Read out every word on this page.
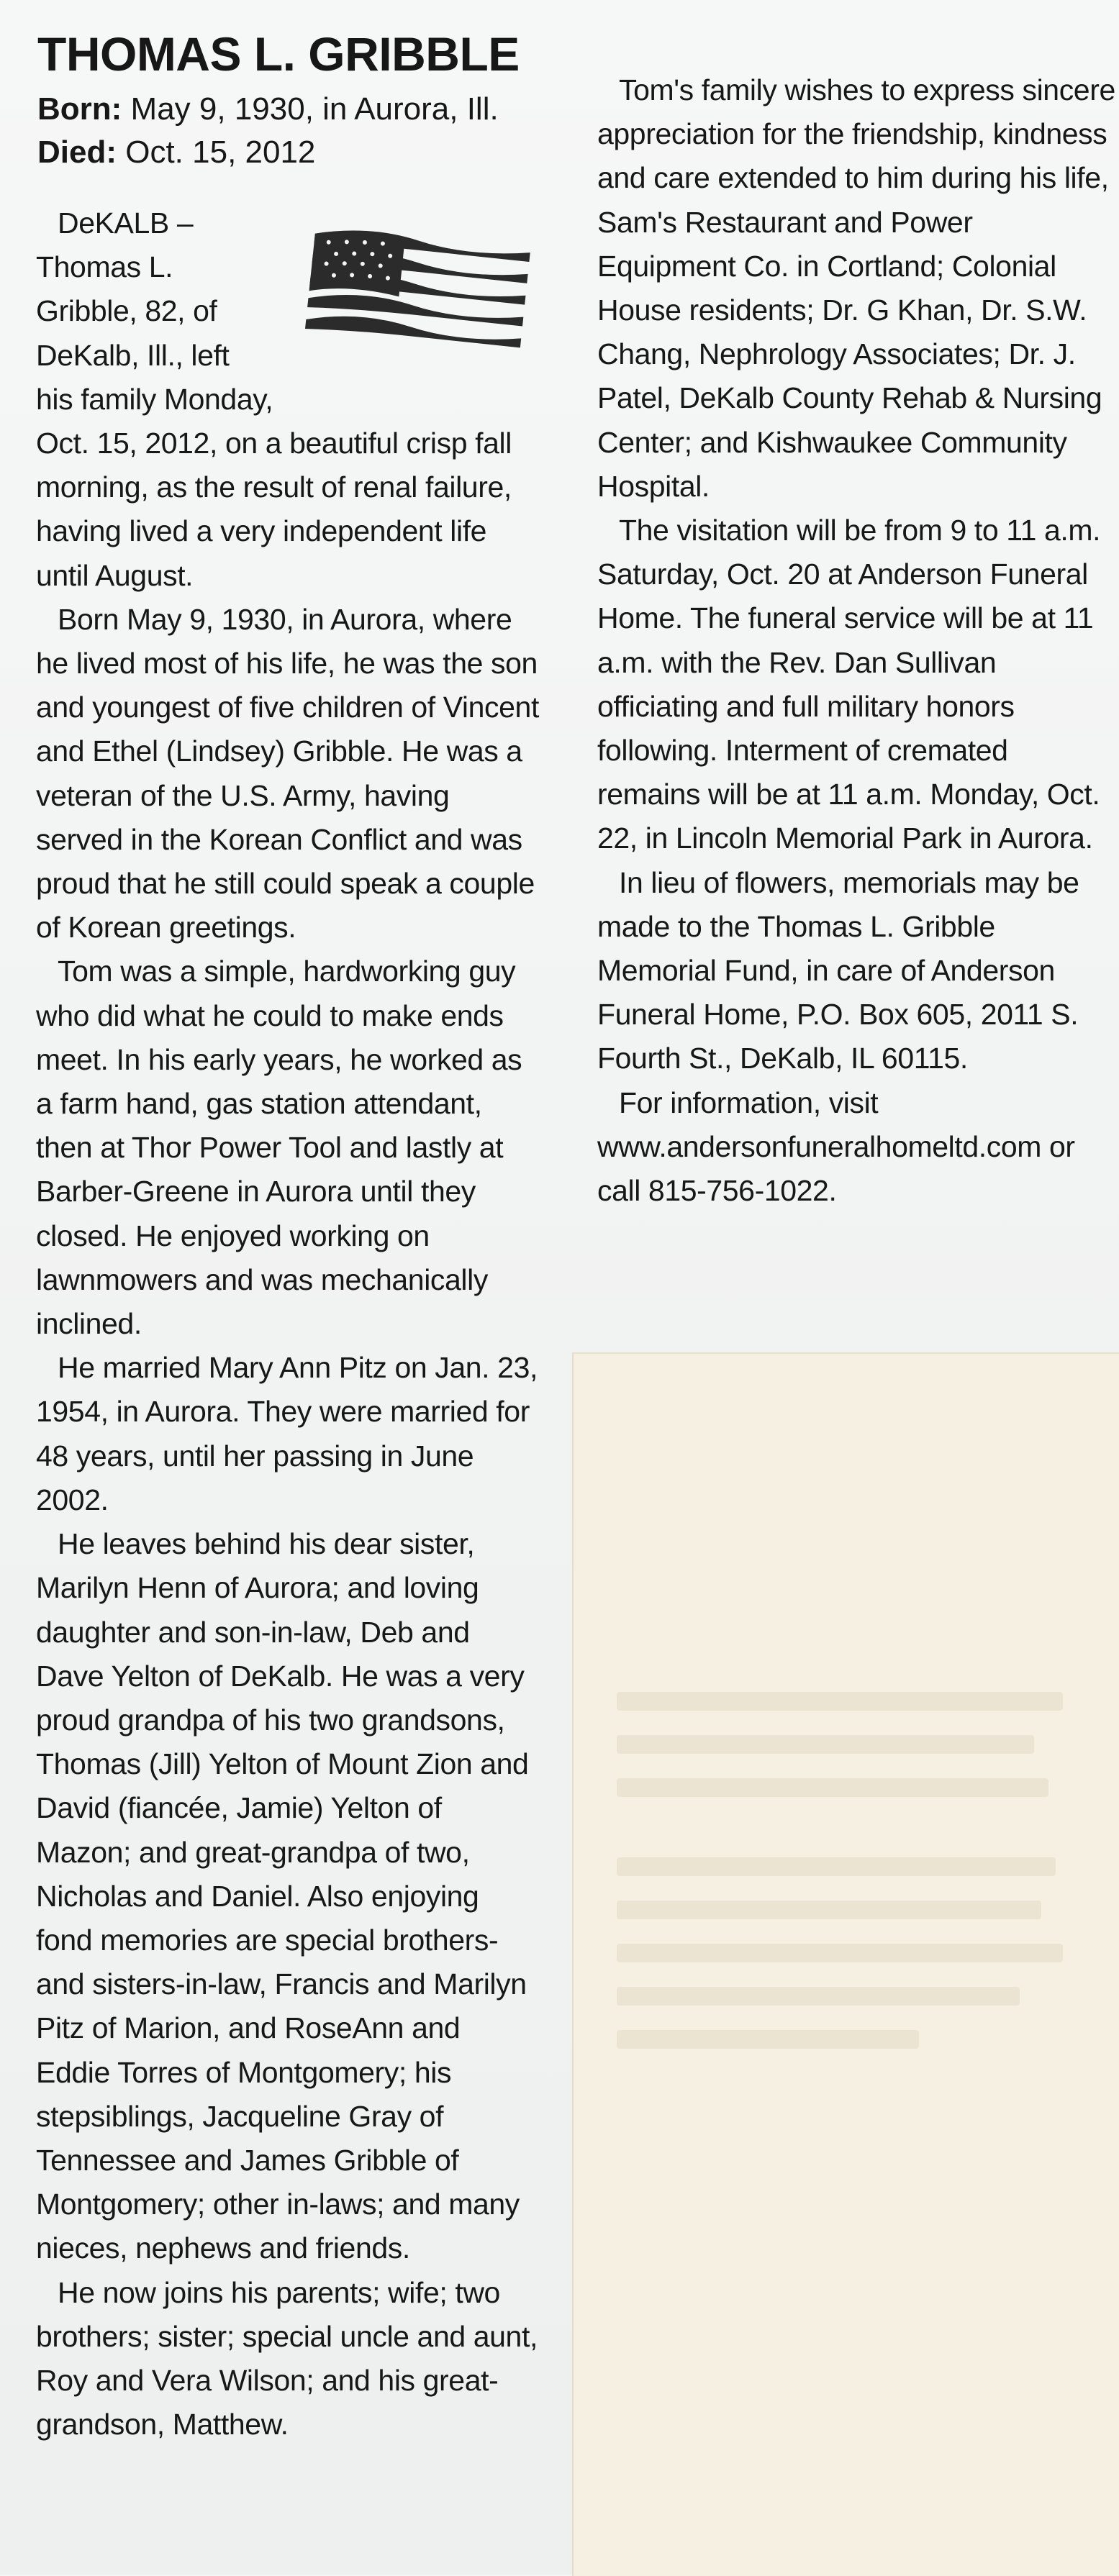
THOMAS L. GRIBBLE
Born: May 9, 1930, in Aurora, Ill.
Died: Oct. 15, 2012

DeKALB – Thomas L. Gribble, 82, of DeKalb, Ill., left his family Monday, Oct. 15, 2012, on a beautiful crisp fall morning, as the result of renal failure, having lived a very independent life until August.

Born May 9, 1930, in Aurora, where he lived most of his life, he was the son and youngest of five children of Vincent and Ethel (Lindsey) Gribble. He was a veteran of the U.S. Army, having served in the Korean Conflict and was proud that he still could speak a couple of Korean greetings.

Tom was a simple, hardworking guy who did what he could to make ends meet. In his early years, he worked as a farm hand, gas station attendant, then at Thor Power Tool and lastly at Barber-Greene in Aurora until they closed. He enjoyed working on lawnmowers and was mechanically inclined.

He married Mary Ann Pitz on Jan. 23, 1954, in Aurora. They were married for 48 years, until her passing in June 2002.

He leaves behind his dear sister, Marilyn Henn of Aurora; and loving daughter and son-in-law, Deb and Dave Yelton of DeKalb. He was a very proud grandpa of his two grandsons, Thomas (Jill) Yelton of Mount Zion and David (fiancée, Jamie) Yelton of Mazon; and great-grandpa of two, Nicholas and Daniel. Also enjoying fond memories are special brothers- and sisters-in-law, Francis and Marilyn Pitz of Marion, and RoseAnn and Eddie Torres of Montgomery; his stepsiblings, Jacqueline Gray of Tennessee and James Gribble of Montgomery; other in-laws; and many nieces, nephews and friends.

He now joins his parents; wife; two brothers; sister; special uncle and aunt, Roy and Vera Wilson; and his great-grandson, Matthew.

Tom's family wishes to express sincere appreciation for the friendship, kindness and care extended to him during his life, Sam's Restaurant and Power Equipment Co. in Cortland; Colonial House residents; Dr. G Khan, Dr. S.W. Chang, Nephrology Associates; Dr. J. Patel, DeKalb County Rehab & Nursing Center; and Kishwaukee Community Hospital.

The visitation will be from 9 to 11 a.m. Saturday, Oct. 20 at Anderson Funeral Home. The funeral service will be at 11 a.m. with the Rev. Dan Sullivan officiating and full military honors following. Interment of cremated remains will be at 11 a.m. Monday, Oct. 22, in Lincoln Memorial Park in Aurora.

In lieu of flowers, memorials may be made to the Thomas L. Gribble Memorial Fund, in care of Anderson Funeral Home, P.O. Box 605, 2011 S. Fourth St., DeKalb, IL 60115.

For information, visit www.andersonfuneralhomeltd.com or call 815-756-1022.
